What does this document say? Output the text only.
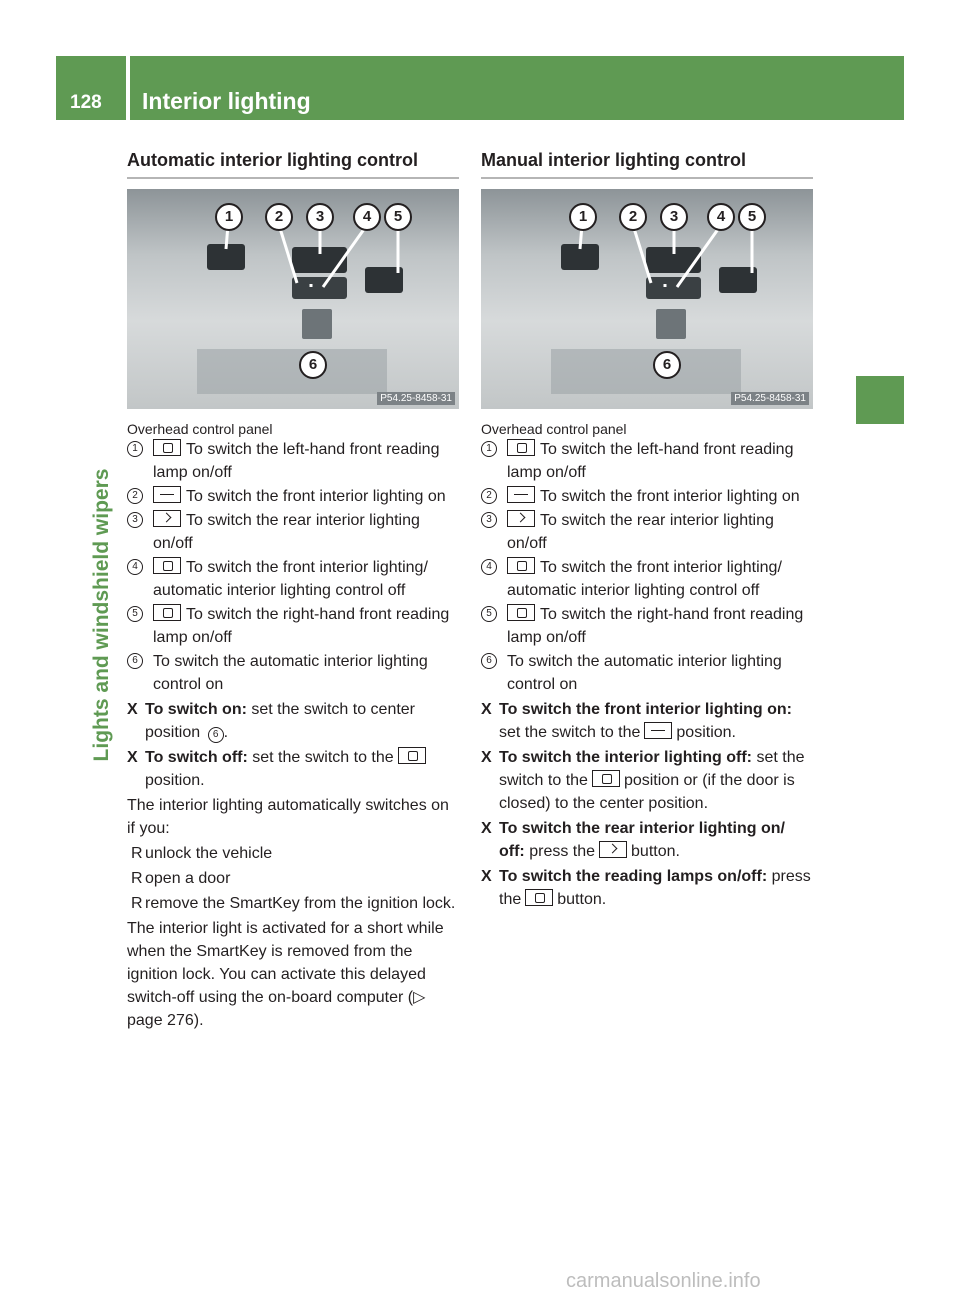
128 Interior lighting
Lights and windshield wipers
Automatic interior lighting control
1	2	3	4	5
6
P54.25-8458-31
Overhead control panel
1	To switch the left-hand front reading lamp on/off
2	To switch the front interior lighting on
3	To switch the rear interior lighting on/off
4	To switch the front interior lighting/ automatic interior lighting control off
5	To switch the right-hand front reading lamp on/off
6 To switch the automatic interior lighting control on
X To switch on: set the switch to center position 6 .
X To switch off: set the switch to the position.
The interior lighting automatically switches on if you:
R unlock the vehicle
R open a door
R remove the SmartKey from the ignition lock.
The interior light is activated for a short while when the SmartKey is removed from the ignition lock. You can activate this delayed switch-off using the on-board computer (▷ page 276).
Manual interior lighting control
1	2	3	4	5
6
P54.25-8458-31
Overhead control panel
1	To switch the left-hand front reading lamp on/off
2	To switch the front interior lighting on
3	To switch the rear interior lighting on/off
4	To switch the front interior lighting/ automatic interior lighting control off
5	To switch the right-hand front reading lamp on/off
6 To switch the automatic interior lighting control on
X To switch the front interior lighting on: set the switch to the position.
X To switch the interior lighting off: set the switch to the position or (if the door is closed) to the center position.
X To switch the rear interior lighting on/ off: press the button.
X To switch the reading lamps on/off: press the button.
carmanualsonline.info
